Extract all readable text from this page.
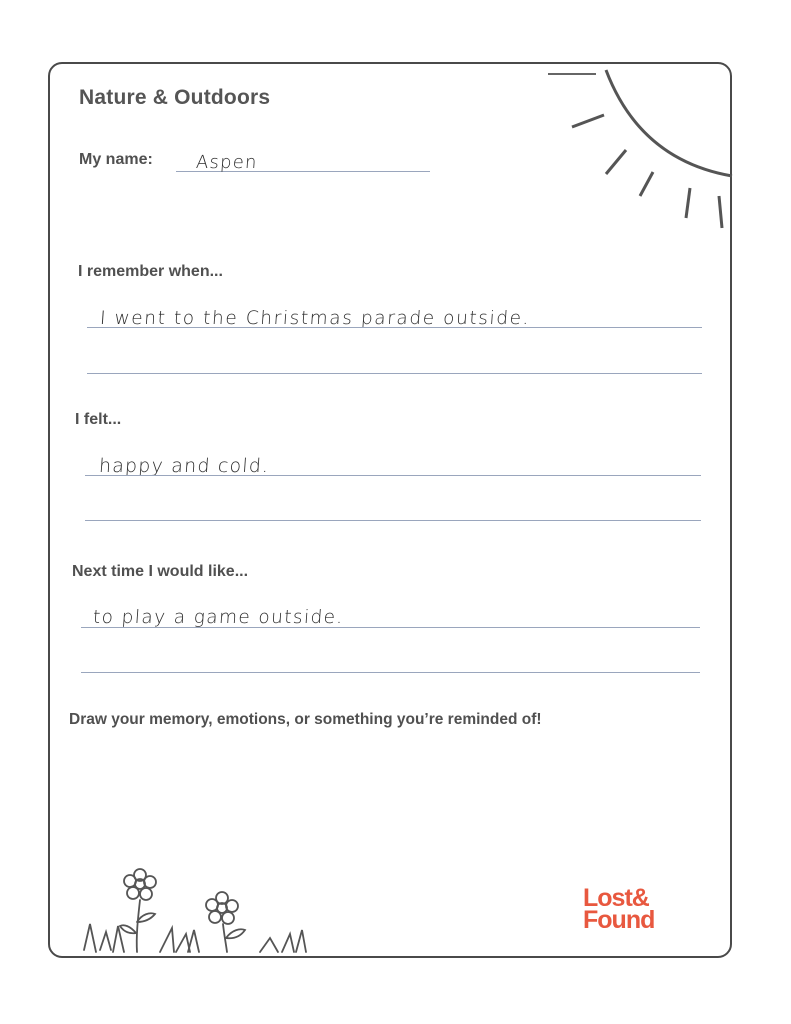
Nature & Outdoors

My name: Aspen

I remember when...

I went to the Christmas parade outside.

I felt...

happy and cold.

Next time I would like...

to play a game outside.

Draw your memory, emotions, or something you’re reminded of!

Lost&
Found
